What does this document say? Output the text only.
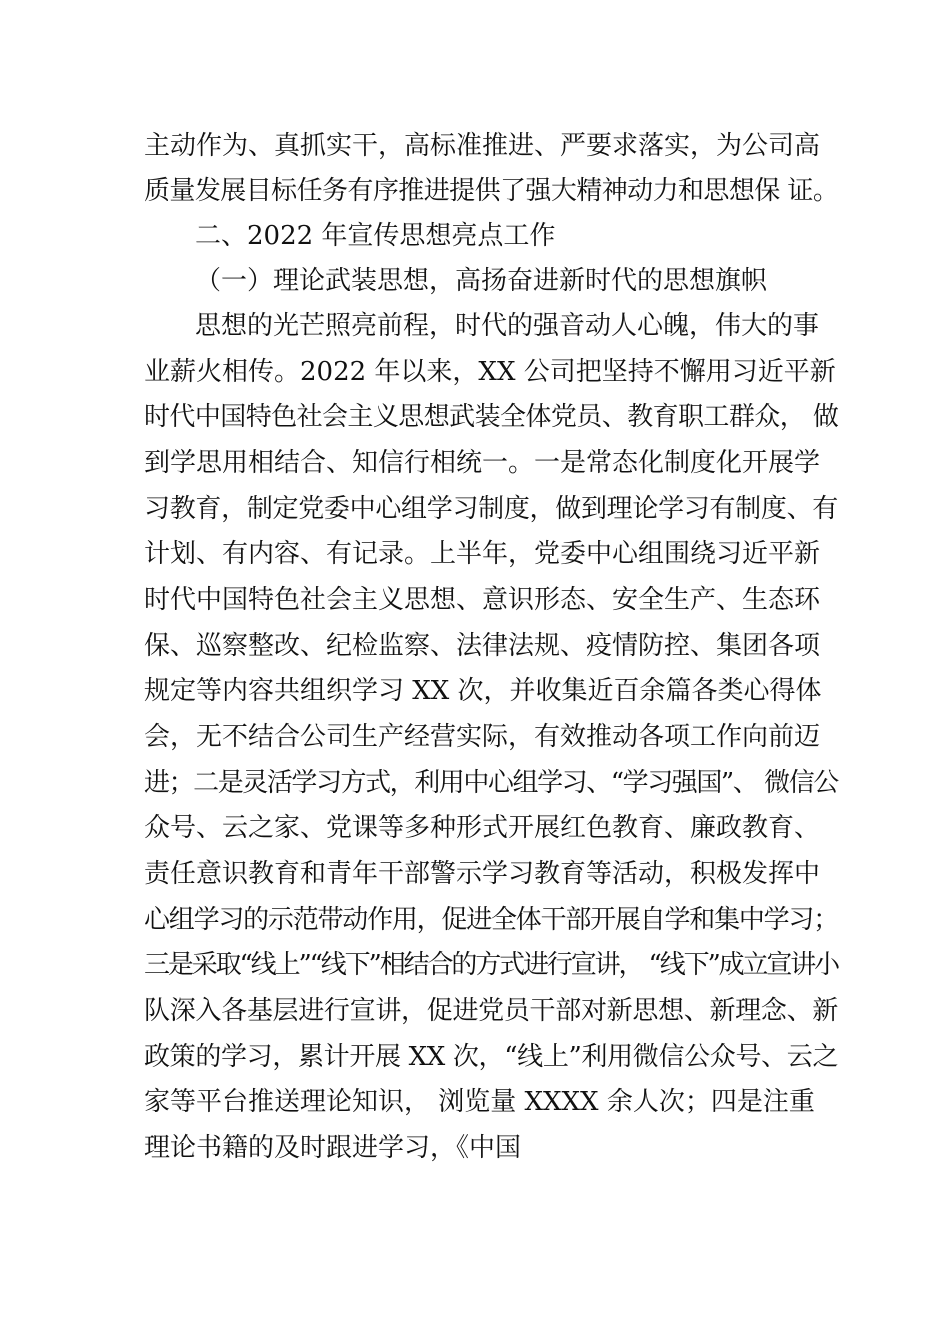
主动作为、真抓实干，高标准推进、严要求落实，为公司高
质量发展目标任务有序推进提供了强大精神动力和思想保 证。
二、2022 年宣传思想亮点工作
（一）理论武装思想，高扬奋进新时代的思想旗帜
思想的光芒照亮前程，时代的强音动人心魄，伟大的事
业薪火相传。2022 年以来，XX 公司把坚持不懈用习近平新
时代中国特色社会主义思想武装全体党员、教育职工群众， 做
到学思用相结合、知信行相统一。一是常态化制度化开展学
习教育，制定党委中心组学习制度，做到理论学习有制度、有
计划、有内容、有记录。上半年，党委中心组围绕习近平新
时代中国特色社会主义思想、意识形态、安全生产、生态环
保、巡察整改、纪检监察、法律法规、疫情防控、集团各项
规定等内容共组织学习 XX 次，并收集近百余篇各类心得体
会，无不结合公司生产经营实际，有效推动各项工作向前迈
进；二是灵活学习方式，利用中心组学习、“学习强国”、 微信公
众号、云之家、党课等多种形式开展红色教育、廉政教育、
责任意识教育和青年干部警示学习教育等活动，积极发挥中
心组学习的示范带动作用，促进全体干部开展自学和集中学习；
三是采取“线上”“线下”相结合的方式进行宣讲， “线下”成立宣讲小
队深入各基层进行宣讲，促进党员干部对新思想、新理念、新
政策的学习，累计开展 XX 次，“线上”利用微信公众号、云之
家等平台推送理论知识， 浏览量 XXXX 余人次；四是注重
理论书籍的及时跟进学习，《中国
